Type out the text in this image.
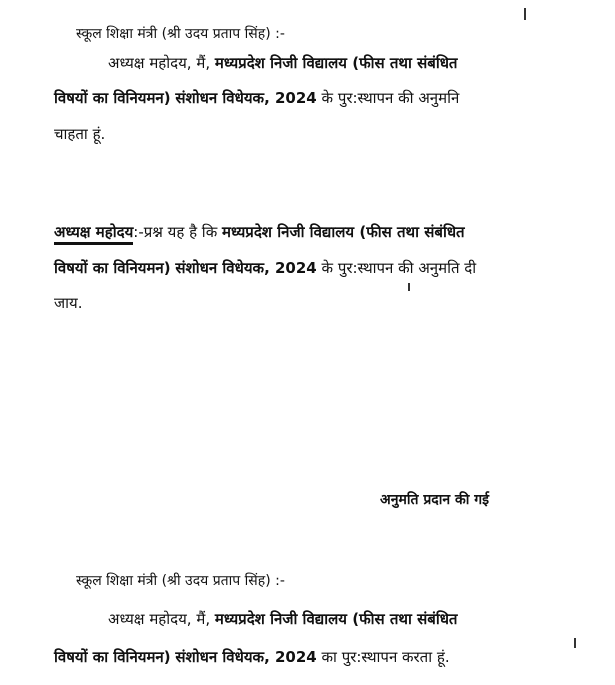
स्कूल शिक्षा मंत्री (श्री उदय प्रताप सिंह) :-
अध्यक्ष महोदय, मैं, मध्यप्रदेश निजी विद्यालय (फीस तथा संबंधित
विषयों का विनियमन) संशोधन विधेयक, 2024 के पुर:स्थापन की अनुमनि
चाहता हूं.
अध्यक्ष महोदय:-प्रश्न यह है कि मध्यप्रदेश निजी विद्यालय (फीस तथा संबंधित
विषयों का विनियमन) संशोधन विधेयक, 2024 के पुर:स्थापन की अनुमति दी
जाय.
अनुमति प्रदान की गई
स्कूल शिक्षा मंत्री (श्री उदय प्रताप सिंह) :-
अध्यक्ष महोदय, मैं, मध्यप्रदेश निजी विद्यालय (फीस तथा संबंधित
विषयों का विनियमन) संशोधन विधेयक, 2024 का पुर:स्थापन करता हूं.
